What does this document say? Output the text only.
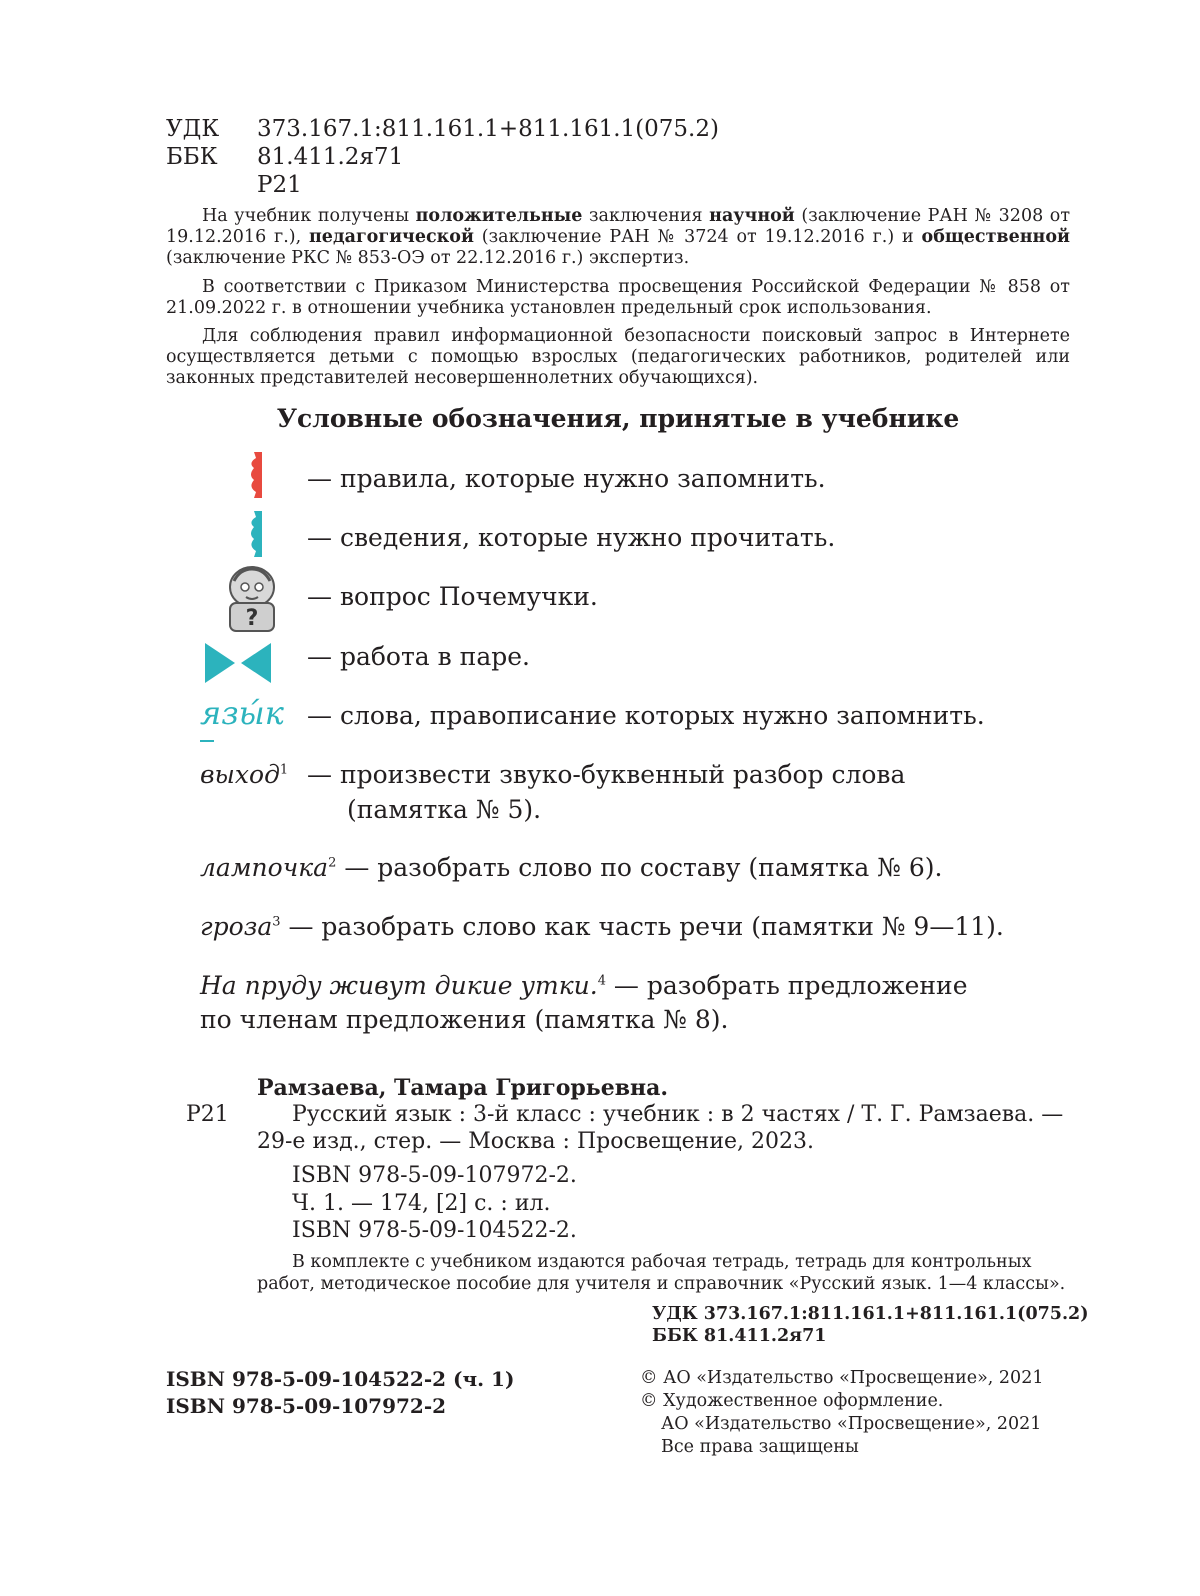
УДК 373.167.1:811.161.1+811.161.1(075.2)
ББК 81.411.2я71
Р21
На учебник получены положительные заключения научной (заключение РАН № 3208 от 19.12.2016 г.), педагогической (заключение РАН № 3724 от 19.12.2016 г.) и общественной (заключение РКС № 853-ОЭ от 22.12.2016 г.) экспертиз.
В соответствии с Приказом Министерства просвещения Российской Федерации № 858 от 21.09.2022 г. в отношении учебника установлен предельный срок использования.
Для соблюдения правил информационной безопасности поисковый запрос в Интернете осуществляется детьми с помощью взрослых (педагогических работников, родителей или законных представителей несовершеннолетних обучающихся).
Условные обозначения, принятые в учебнике
— правила, которые нужно запомнить.
— сведения, которые нужно прочитать.
?
— вопрос Почемучки.
— работа в паре.
язы́к — слова, правописание которых нужно запомнить.
выход$^1$ — произвести звуко-буквенный разбор слова
(памятка № 5).
лампочка$^2$ — разобрать слово по составу (памятка № 6).
гроза$^3$ — разобрать слово как часть речи (памятки № 9—11).
На пруду живут дикие утки.$^4$ — разобрать предложение
по членам предложения (памятка № 8).
Рамзаева, Тамара Григорьевна.
Р21	Русский язык : 3-й класс : учебник : в 2 частях / Т. Г. Рамзаева. —
29-е изд., стер. — Москва : Просвещение, 2023.
ISBN 978-5-09-107972-2.
Ч. 1. — 174, [2] с. : ил.
ISBN 978-5-09-104522-2.
В комплекте с учебником издаются рабочая тетрадь, тетрадь для контрольных
работ, методическое пособие для учителя и справочник «Русский язык. 1—4 классы».
УДК 373.167.1:811.161.1+811.161.1(075.2)
ББК 81.411.2я71
ISBN 978-5-09-104522-2 (ч. 1)
ISBN 978-5-09-107972-2
© АО «Издательство «Просвещение», 2021
© Художественное оформление.
АО «Издательство «Просвещение», 2021
Все права защищены
